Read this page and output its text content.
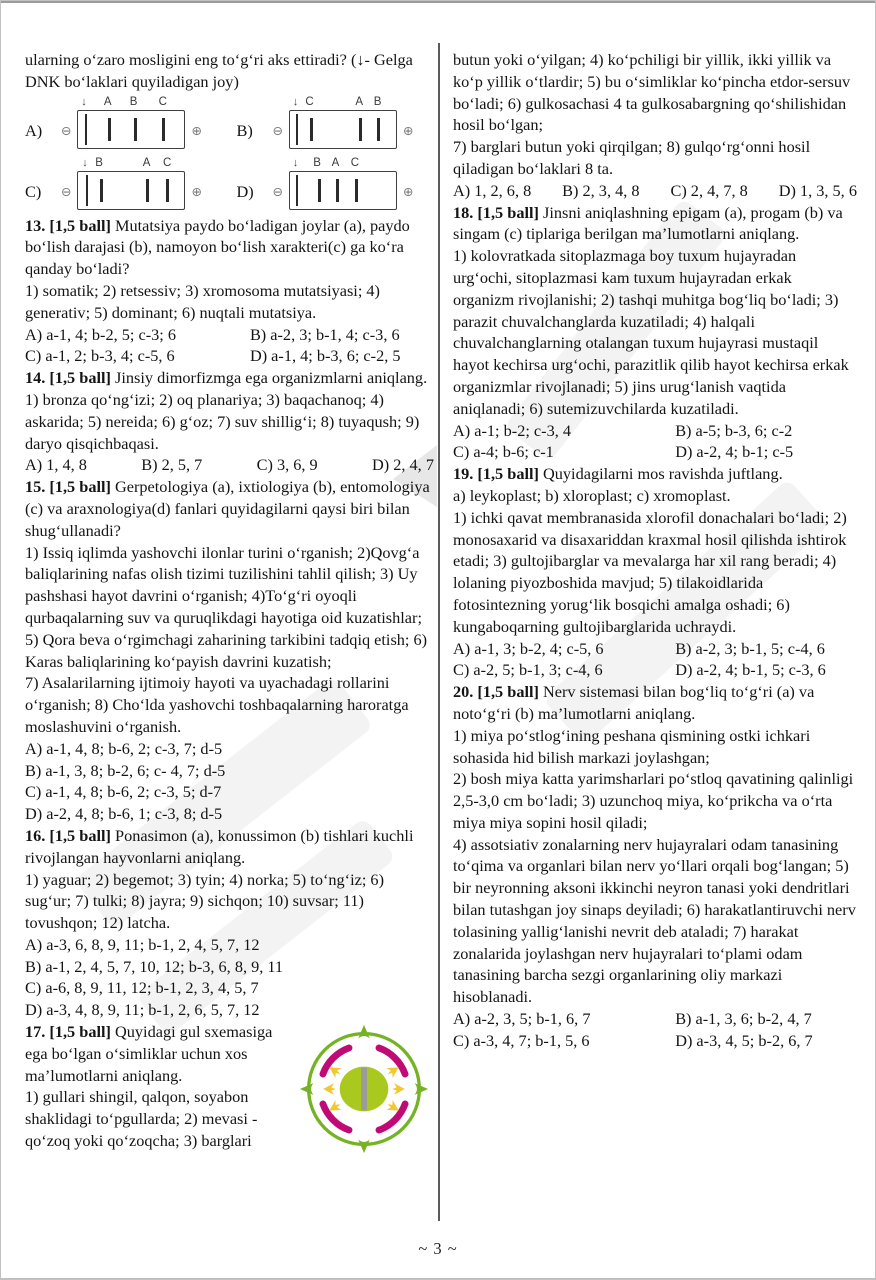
ularning o‘zaro mosligini eng to‘g‘ri aks ettiradi? (↓- Gelga DNK bo‘laklari quyiladigan joy)

A)	⊖
↓ A B C
⊕ B)	⊖
↓ C	A B
⊕
C)	⊖
↓ B	A C
⊕ D)	⊖
↓ B A C
⊕

13. [1,5 ball] Mutatsiya paydo bo‘ladigan joylar (a), paydo bo‘lish darajasi (b), namoyon bo‘lish xarakteri(c) ga ko‘ra qanday bo‘ladi?

1) somatik; 2) retsessiv; 3) xromosoma mutatsiyasi; 4) generativ; 5) dominant; 6) nuqtali mutatsiya.

A) a-1, 4; b-2, 5; c-3; 6	B) a-2, 3; b-1, 4; c-3, 6
C) a-1, 2; b-3, 4; c-5, 6	D) a-1, 4; b-3, 6; c-2, 5

14. [1,5 ball] Jinsiy dimorfizmga ega organizmlarni aniqlang.

1) bronza qo‘ng‘izi; 2) oq planariya; 3) baqachanoq; 4) askarida; 5) nereida; 6) g‘oz; 7) suv shillig‘i; 8) tuyaqush; 9) daryo qisqichbaqasi.

A) 1, 4, 8	B) 2, 5, 7	C) 3, 6, 9	D) 2, 4, 7

15. [1,5 ball] Gerpetologiya (a), ixtiologiya (b), entomologiya (c) va araxnologiya(d) fanlari quyidagilarni qaysi biri bilan shug‘ullanadi?

1) Issiq iqlimda yashovchi ilonlar turini o‘rganish; 2)Qovg‘a baliqlarining nafas olish tizimi tuzilishini tahlil qilish; 3) Uy pashshasi hayot davrini o‘rganish; 4)To‘g‘ri oyoqli qurbaqalarning suv va quruqlikdagi hayotiga oid kuzatishlar; 5) Qora beva o‘rgimchagi zaharining tarkibini tadqiq etish; 6) Karas baliqlarining ko‘payish davrini kuzatish;

7) Asalarilarning ijtimoiy hayoti va uyachadagi rollarini o‘rganish; 8) Cho‘lda yashovchi toshbaqalarning haroratga moslashuvini o‘rganish.

A) a-1, 4, 8; b-6, 2; c-3, 7; d-5
B) a-1, 3, 8; b-2, 6; c- 4, 7; d-5
C) a-1, 4, 8; b-6, 2; c-3, 5; d-7
D) a-2, 4, 8; b-6, 1; c-3, 8; d-5

16. [1,5 ball] Ponasimon (a), konussimon (b) tishlari kuchli rivojlangan hayvonlarni aniqlang.

1) yaguar; 2) begemot; 3) tyin; 4) norka; 5) to‘ng‘iz; 6) sug‘ur; 7) tulki; 8) jayra; 9) sichqon; 10) suvsar; 11) tovushqon; 12) latcha.

A) a-3, 6, 8, 9, 11; b-1, 2, 4, 5, 7, 12
B) a-1, 2, 4, 5, 7, 10, 12; b-3, 6, 8, 9, 11
C) a-6, 8, 9, 11, 12; b-1, 2, 3, 4, 5, 7
D) a-3, 4, 8, 9, 11; b-1, 2, 6, 5, 7, 12

17. [1,5 ball] Quyidagi gul sxemasiga ega bo‘lgan o‘simliklar uchun xos ma’lumotlarni aniqlang.

1) gullari shingil, qalqon, soyabon shaklidagi to‘pgullarda; 2) mevasi - qo‘zoq yoki qo‘zoqcha; 3) barglari

butun yoki o‘yilgan; 4) ko‘pchiligi bir yillik, ikki yillik va ko‘p yillik o‘tlardir; 5) bu o‘simliklar ko‘pincha etdor-sersuv bo‘ladi; 6) gulkosachasi 4 ta gulkosabargning qo‘shilishidan hosil bo‘lgan;

7) barglari butun yoki qirqilgan; 8) gulqo‘rg‘onni hosil qiladigan bo‘laklari 8 ta.

A) 1, 2, 6, 8 B) 2, 3, 4, 8 C) 2, 4, 7, 8 D) 1, 3, 5, 6

18. [1,5 ball] Jinsni aniqlashning epigam (a), progam (b) va singam (c) tiplariga berilgan ma’lumotlarni aniqlang.

1) kolovratkada sitoplazmaga boy tuxum hujayradan urg‘ochi, sitoplazmasi kam tuxum hujayradan erkak organizm rivojlanishi; 2) tashqi muhitga bog‘liq bo‘ladi; 3) parazit chuvalchanglarda kuzatiladi; 4) halqali chuvalchanglarning otalangan tuxum hujayrasi mustaqil hayot kechirsa urg‘ochi, parazitlik qilib hayot kechirsa erkak organizmlar rivojlanadi; 5) jins urug‘lanish vaqtida aniqlanadi; 6) sutemizuvchilarda kuzatiladi.

A) a-1; b-2; c-3, 4	B) a-5; b-3, 6; c-2
C) a-4; b-6; c-1	D) a-2, 4; b-1; c-5

19. [1,5 ball] Quyidagilarni mos ravishda juftlang.

a) leykoplast; b) xloroplast; c) xromoplast.

1) ichki qavat membranasida xlorofil donachalari bo‘ladi; 2) monosaxarid va disaxariddan kraxmal hosil qilishda ishtirok etadi; 3) gultojibarglar va mevalarga har xil rang beradi; 4) lolaning piyozboshida mavjud; 5) tilakoidlarida fotosintezning yorug‘lik bosqichi amalga oshadi; 6) kungaboqarning gultojibarglarida uchraydi.

A) a-1, 3; b-2, 4; c-5, 6	B) a-2, 3; b-1, 5; c-4, 6
C) a-2, 5; b-1, 3; c-4, 6	D) a-2, 4; b-1, 5; c-3, 6

20. [1,5 ball] Nerv sistemasi bilan bog‘liq to‘g‘ri (a) va noto‘g‘ri (b) ma’lumotlarni aniqlang.

1) miya po‘stlog‘ining peshana qismining ostki ichkari sohasida hid bilish markazi joylashgan;

2) bosh miya katta yarimsharlari po‘stloq qavatining qalinligi 2,5-3,0 cm bo‘ladi; 3) uzunchoq miya, ko‘prikcha va o‘rta miya miya sopini hosil qiladi;

4) assotsiativ zonalarning nerv hujayralari odam tanasining to‘qima va organlari bilan nerv yo‘llari orqali bog‘langan; 5) bir neyronning aksoni ikkinchi neyron tanasi yoki dendritlari bilan tutashgan joy sinaps deyiladi; 6) harakatlantiruvchi nerv tolasining yallig‘lanishi nevrit deb ataladi; 7) harakat zonalarida joylashgan nerv hujayralari to‘plami odam tanasining barcha sezgi organlarining oliy markazi hisoblanadi.

A) a-2, 3, 5; b-1, 6, 7	B) a-1, 3, 6; b-2, 4, 7
C) a-3, 4, 7; b-1, 5, 6	D) a-3, 4, 5; b-2, 6, 7
~ 3 ~
